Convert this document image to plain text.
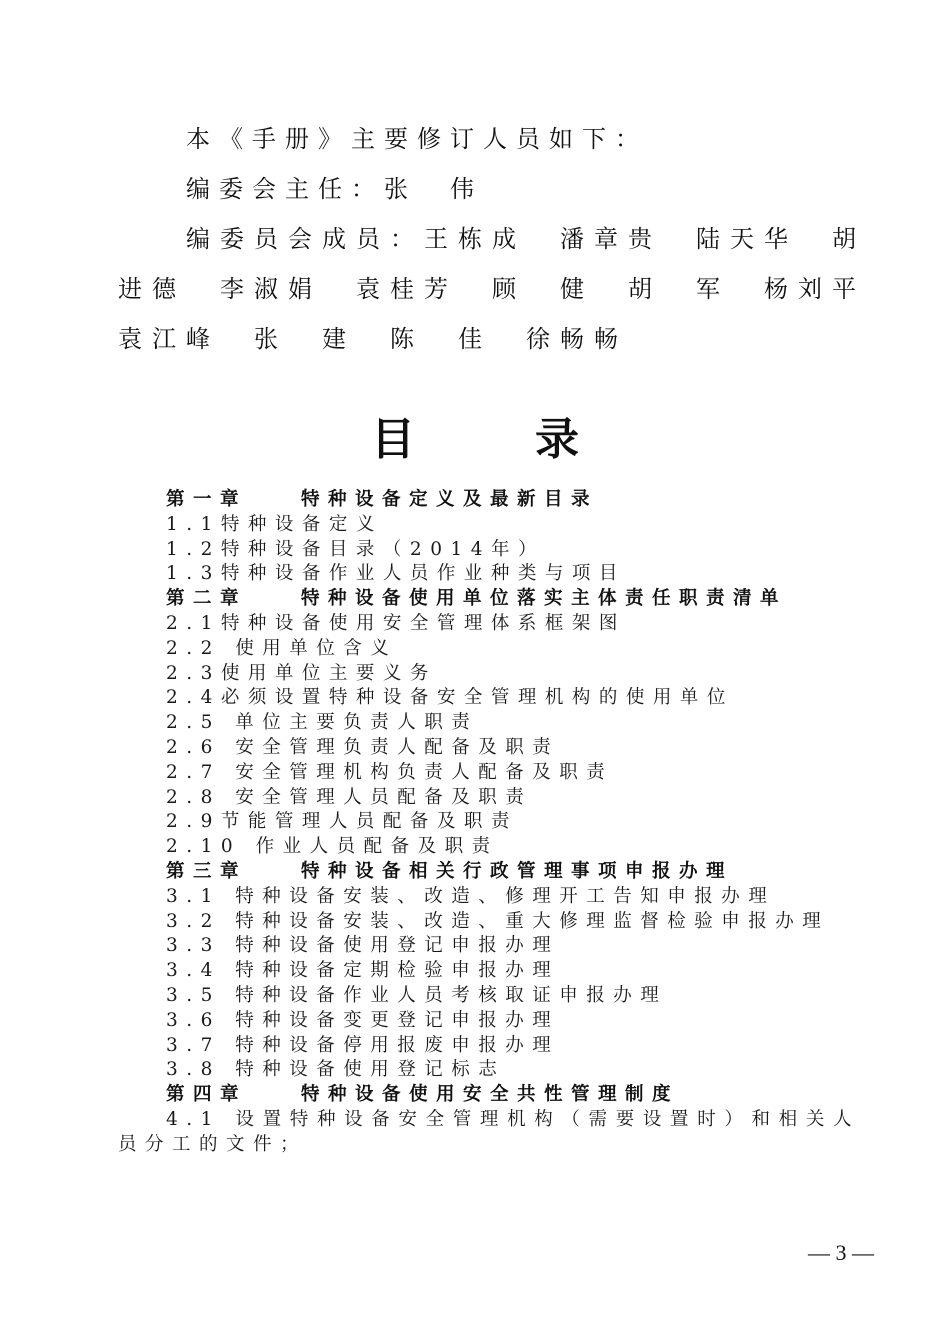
本《手册》主要修订人员如下：
编委会主任：张　伟
编委员会成员：王栋成　潘章贵　陆天华　胡
进德　李淑娟　袁桂芳　顾　健　胡　军　杨刘平
袁江峰　张　建　陈　佳　徐畅畅
目录

第一章　　特种设备定义及最新目录

1.1特种设备定义

1.2特种设备目录（2014年）

1.3特种设备作业人员作业种类与项目

第二章　　特种设备使用单位落实主体责任职责清单

2.1特种设备使用安全管理体系框架图

2.2 使用单位含义

2.3使用单位主要义务

2.4必须设置特种设备安全管理机构的使用单位

2.5 单位主要负责人职责

2.6 安全管理负责人配备及职责

2.7 安全管理机构负责人配备及职责

2.8 安全管理人员配备及职责

2.9节能管理人员配备及职责

2.10 作业人员配备及职责

第三章　　特种设备相关行政管理事项申报办理

3.1 特种设备安装、改造、修理开工告知申报办理

3.2 特种设备安装、改造、重大修理监督检验申报办理

3.3 特种设备使用登记申报办理

3.4 特种设备定期检验申报办理

3.5 特种设备作业人员考核取证申报办理

3.6 特种设备变更登记申报办理

3.7 特种设备停用报废申报办理

3.8 特种设备使用登记标志

第四章　　特种设备使用安全共性管理制度

4.1 设置特种设备安全管理机构（需要设置时）和相关人员分工的文件；

— 3 —
